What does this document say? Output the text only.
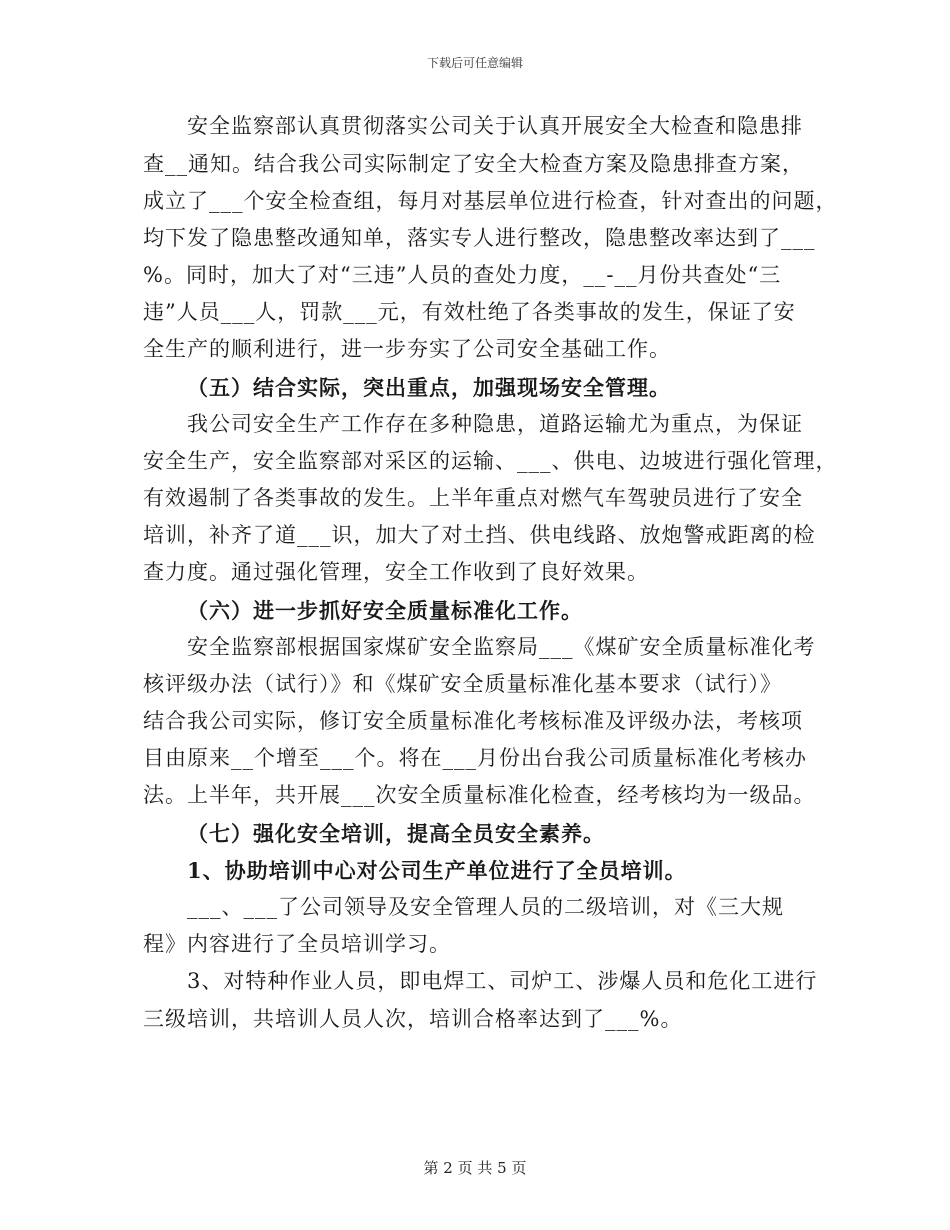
下载后可任意编辑
安全监察部认真贯彻落实公司关于认真开展安全大检查和隐患排
查__通知。结合我公司实际制定了安全大检查方案及隐患排查方案，
成立了___个安全检查组，每月对基层单位进行检查，针对查出的问题，
均下发了隐患整改通知单，落实专人进行整改，隐患整改率达到了___
%。同时，加大了对“三违”人员的查处力度，__-__月份共查处“三
违”人员___人，罚款___元，有效杜绝了各类事故的发生，保证了安
全生产的顺利进行，进一步夯实了公司安全基础工作。
（五）结合实际，突出重点，加强现场安全管理。
我公司安全生产工作存在多种隐患，道路运输尤为重点，为保证
安全生产，安全监察部对采区的运输、___、供电、边坡进行强化管理，
有效遏制了各类事故的发生。上半年重点对燃气车驾驶员进行了安全
培训，补齐了道___识，加大了对土挡、供电线路、放炮警戒距离的检
查力度。通过强化管理，安全工作收到了良好效果。
（六）进一步抓好安全质量标准化工作。
安全监察部根据国家煤矿安全监察局___《煤矿安全质量标准化考
核评级办法（试行）》和《煤矿安全质量标准化基本要求（试行）》
结合我公司实际，修订安全质量标准化考核标准及评级办法，考核项
目由原来__个增至___个。将在___月份出台我公司质量标准化考核办
法。上半年，共开展___次安全质量标准化检查，经考核均为一级品。
（七）强化安全培训，提高全员安全素养。
1、协助培训中心对公司生产单位进行了全员培训。
___、___了公司领导及安全管理人员的二级培训，对《三大规
程》内容进行了全员培训学习。
3、对特种作业人员，即电焊工、司炉工、涉爆人员和危化工进行
三级培训，共培训人员人次，培训合格率达到了___%。
第 2 页 共 5 页
